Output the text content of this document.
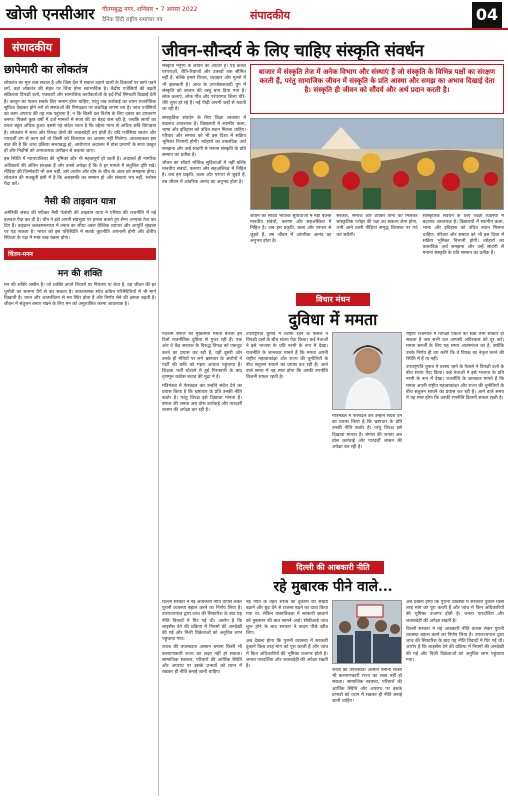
खोजी एनसीआर गौतमबुद्ध नगर, शनिवार • 7 अगस्त 2022
दैनिक हिंदी राष्ट्रीय समाचार पत्र	संपादकीय	04
संपादकीय
छापेमारी का लोकतंत्र

लोकतंत्र का मूल तत्व सवाल है और जिस देश में सवाल उठाने वालों के ठिकानों पर छापे पड़ने लगें, वहां लोकतंत्र की सेहत पर चिंता होना स्वाभाविक है। केंद्रीय एजेंसियों की बढ़ती सक्रियता विपक्षी दलों, पत्रकारों और सामाजिक कार्यकर्ताओं के इर्द-गिर्द सिमटती दिखाई देती है। कानून का पालन सबके लिए समान होना चाहिए, परंतु जब कार्रवाई का चयन राजनीतिक सुविधा देखकर होने लगे तो संस्थाओं की निष्पक्षता पर प्रश्नचिह्न लगना तय है। जांच एजेंसियों का काम अपराध की तह तक पहुंचना है, न कि किसी दल विशेष के लिए दबाव का उपकरण बनना। पिछले कुछ वर्षों में दर्ज मामलों में सजा की दर बेहद कम रही है, जबकि छापों का प्रचार बहुत अधिक हुआ। इससे यह संदेश जाता है कि उद्देश्य न्याय से अधिक छवि बिगाड़ना है। लोकतंत्र में सत्ता और विपक्ष दोनों की जवाबदेही तय होती है। यदि एजेंसियां स्वतंत्र और पारदर्शी ढंग से काम करें तो किसी को शिकायत का अवसर नहीं मिलेगा। आवश्यकता इस बात की है कि जांच प्रक्रिया समयबद्ध हो, आरोपपत्र अदालत में ठोस प्रमाणों के साथ प्रस्तुत हों और निर्दोषों को अनावश्यक उत्पीड़न से बचाया जाए।

इस स्थिति में न्यायपालिका की भूमिका और भी महत्वपूर्ण हो जाती है। अदालतें ही नागरिक अधिकारों की अंतिम संरक्षक हैं और उनसे अपेक्षा है कि वे हर मामले में संतुलित दृष्टि रखें। मीडिया की जिम्मेदारी भी कम नहीं, उसे आरोप और दोष के बीच के अंतर को समझना होगा। लोकतंत्र की मजबूती इसी में है कि असहमति का सम्मान हो और संस्थाएं भय नहीं, भरोसा पैदा करें।

नैसी की ताइवान यात्रा

अमेरिकी संसद की स्पीकर नैंसी पेलोसी की ताइवान यात्रा ने एशिया की राजनीति में नई हलचल पैदा कर दी है। चीन ने इसे अपनी संप्रभुता पर हमला बताते हुए सैन्य अभ्यास तेज कर दिए हैं। ताइवान जलडमरूमध्य में तनाव का सीधा असर वैश्विक व्यापार और आपूर्ति श्रृंखला पर पड़ सकता है। भारत को इस परिस्थिति में सतर्क कूटनीति अपनानी होगी और क्षेत्रीय स्थिरता के पक्ष में स्पष्ट रुख रखना होगा।

चिंतन-मनन
मन की शक्ति

मन की शक्ति असीम है। जो व्यक्ति अपने विचारों पर नियंत्रण पा लेता है, वह जीवन की हर चुनौती का सामना धैर्य से कर सकता है। सकारात्मक सोच कठिन परिस्थितियों में भी मार्ग दिखाती है। ध्यान और आत्मचिंतन से मन स्थिर होता है और निर्णय लेने की क्षमता बढ़ती है। जीवन में संतुलन बनाए रखने के लिए मन को अनुशासित करना आवश्यक है।

जीवन-सौन्दर्य के लिए चाहिए संस्कृति संवर्धन

संस्कृति मनुष्य के जीवन का आधार है। यह केवल परंपराओं, रीति-रिवाजों और उत्सवों तक सीमित नहीं है, बल्कि हमारे विचार, व्यवहार और मूल्यों में भी झलकती है। आज के उपभोक्तावादी युग में संस्कृति को बाजार की वस्तु बना दिया गया है। लोक कलाएं, लोक गीत और परंपरागत शिल्प धीरे-धीरे लुप्त हो रहे हैं। नई पीढ़ी अपनी जड़ों से कटती जा रही है।

सांस्कृतिक संवर्धन के लिए शिक्षा व्यवस्था में बदलाव आवश्यक है। विद्यालयों में स्थानीय कला, भाषा और इतिहास को उचित स्थान मिलना चाहिए। परिवार और समाज को भी इस दिशा में सक्रिय भूमिका निभानी होगी। त्योहारों का वास्तविक अर्थ समझना और उन्हें सादगी से मनाना संस्कृति के प्रति सम्मान का प्रतीक है।

जीवन का सौंदर्य भौतिक सुविधाओं में नहीं बल्कि मानवीय संबंधों, करुणा और सहअस्तित्व में निहित है। जब हम प्रकृति, कला और परंपरा से जुड़ते हैं, तब जीवन में आंतरिक आनंद का अनुभव होता है।

बाजार में संस्कृति तेज में अनेक विभाग और संस्थाएं हैं जो संस्कृति के विभिन्न पक्षों का संरक्षण करती हैं, परंतु सामाजिक जीवन में संस्कृति के प्रति आस्था और समझ का अभाव दिखाई देता है। संस्कृति ही जीवन को सौंदर्य और अर्थ प्रदान करती है।
जीवन का सौंदर्य भौतिक सुविधाओं में नहीं बल्कि मानवीय संबंधों, करुणा और सहअस्तित्व में निहित है। जब हम प्रकृति, कला और परंपरा से जुड़ते हैं, तब जीवन में आंतरिक आनंद का अनुभव होता है।
सरकार, समाज और व्यक्ति तीनों को मिलकर सांस्कृतिक धरोहर की रक्षा का संकल्प लेना होगा, तभी आने वाली पीढ़ियां समृद्ध विरासत पर गर्व कर सकेंगी।
सांस्कृतिक संवर्धन के लिए शिक्षा व्यवस्था में बदलाव आवश्यक है। विद्यालयों में स्थानीय कला, भाषा और इतिहास को उचित स्थान मिलना चाहिए। परिवार और समाज को भी इस दिशा में सक्रिय भूमिका निभानी होगी। त्योहारों का वास्तविक अर्थ समझना और उन्हें सादगी से मनाना संस्कृति के प्रति सम्मान का प्रतीक है।
विचार मंथन
दुविधा में ममता

पश्चिम बंगाल की मुख्यमंत्री ममता बनर्जी इन दिनों राजनीतिक दुविधा से गुजर रही हैं। एक ओर वे केंद्र सरकार के विरुद्ध विपक्ष को एकजुट करने का प्रयास कर रही हैं, वहीं दूसरी ओर उनके ही मंत्रियों पर लगे भ्रष्टाचार के आरोपों ने पार्टी की छवि को गहरा आघात पहुंचाया है। शिक्षक भर्ती घोटाले में हुई गिरफ्तारी के बाद तृणमूल कांग्रेस बचाव की मुद्रा में है।

मंत्रिमंडल में फेरबदल कर उन्होंने संदेश देने का प्रयास किया है कि भ्रष्टाचार के प्रति उनकी नीति कठोर है। परंतु विपक्ष इसे दिखावा मानता है। बंगाल की जनता अब ठोस कार्रवाई और पारदर्शी शासन की अपेक्षा कर रही है।

उपराष्ट्रपति चुनाव में तटस्थ रहने के फैसले ने विपक्षी दलों के बीच संशय पैदा किया। कई नेताओं ने इसे भाजपा के प्रति नरमी के रूप में देखा। राजनीति के जानकार मानते हैं कि ममता अपनी राष्ट्रीय महत्वाकांक्षा और राज्य की चुनौतियों के बीच संतुलन साधने का प्रयास कर रही हैं। आने वाले समय में यह स्पष्ट होगा कि उनकी रणनीति कितनी सफल रहती है।

मंत्रिमंडल में फेरबदल कर उन्होंने संदेश देने का प्रयास किया है कि भ्रष्टाचार के प्रति उनकी नीति कठोर है। परंतु विपक्ष इसे दिखावा मानता है। बंगाल की जनता अब ठोस कार्रवाई और पारदर्शी शासन की अपेक्षा कर रही है।

राष्ट्रीय राजनीति में विपक्षी एकता का स्वप्न तभी साकार हो सकता है जब सभी दल आपसी अविश्वास को दूर करें। ममता बनर्जी के लिए यह समय आत्ममंथन का है, क्योंकि उनके निर्णय ही तय करेंगे कि वे विपक्ष का नेतृत्व करने की स्थिति में हैं या नहीं।

उपराष्ट्रपति चुनाव में तटस्थ रहने के फैसले ने विपक्षी दलों के बीच संशय पैदा किया। कई नेताओं ने इसे भाजपा के प्रति नरमी के रूप में देखा। राजनीति के जानकार मानते हैं कि ममता अपनी राष्ट्रीय महत्वाकांक्षा और राज्य की चुनौतियों के बीच संतुलन साधने का प्रयास कर रही हैं। आने वाले समय में यह स्पष्ट होगा कि उनकी रणनीति कितनी सफल रहती है।

दिल्ली की आबकारी नीति
रहे मुबारक पीने वाले...

दिल्ली सरकार ने नई आबकारी नीति वापस लेकर पुरानी व्यवस्था बहाल करने का निर्णय लिया है। उपराज्यपाल द्वारा जांच की सिफारिश के बाद यह नीति विवादों में घिर गई थी। आरोप है कि लाइसेंस देने की प्रक्रिया में नियमों की अनदेखी की गई और निजी विक्रेताओं को अनुचित लाभ पहुंचाया गया।

शराब की उपलब्धता आसान बनाना किसी भी कल्याणकारी राज्य का लक्ष्य नहीं हो सकता। सामाजिक स्वास्थ्य, परिवारों की आर्थिक स्थिति और अपराध पर इसके प्रभावों को ध्यान में रखकर ही नीति बनाई जानी चाहिए।

नई नीति के तहत शराब की दुकानों की संख्या बढ़ाने और छूट देने से राजस्व बढ़ने का दावा किया गया था, लेकिन वास्तविकता में सरकारी खजाने को नुकसान की बात सामने आई। सीबीआई जांच शुरू होने के बाद सरकार ने कदम पीछे खींच लिए।

अब देखना होगा कि पुरानी व्यवस्था में सरकारी दुकानें किस तरह मांग को पूरा करती हैं और जांच में किन अधिकारियों की भूमिका उजागर होती है। जनता पारदर्शिता और जवाबदेही की अपेक्षा रखती है।

शराब की उपलब्धता आसान बनाना किसी भी कल्याणकारी राज्य का लक्ष्य नहीं हो सकता। सामाजिक स्वास्थ्य, परिवारों की आर्थिक स्थिति और अपराध पर इसके प्रभावों को ध्यान में रखकर ही नीति बनाई जानी चाहिए।

अब देखना होगा कि पुरानी व्यवस्था में सरकारी दुकानें किस तरह मांग को पूरा करती हैं और जांच में किन अधिकारियों की भूमिका उजागर होती है। जनता पारदर्शिता और जवाबदेही की अपेक्षा रखती है।

दिल्ली सरकार ने नई आबकारी नीति वापस लेकर पुरानी व्यवस्था बहाल करने का निर्णय लिया है। उपराज्यपाल द्वारा जांच की सिफारिश के बाद यह नीति विवादों में घिर गई थी। आरोप है कि लाइसेंस देने की प्रक्रिया में नियमों की अनदेखी की गई और निजी विक्रेताओं को अनुचित लाभ पहुंचाया गया।
